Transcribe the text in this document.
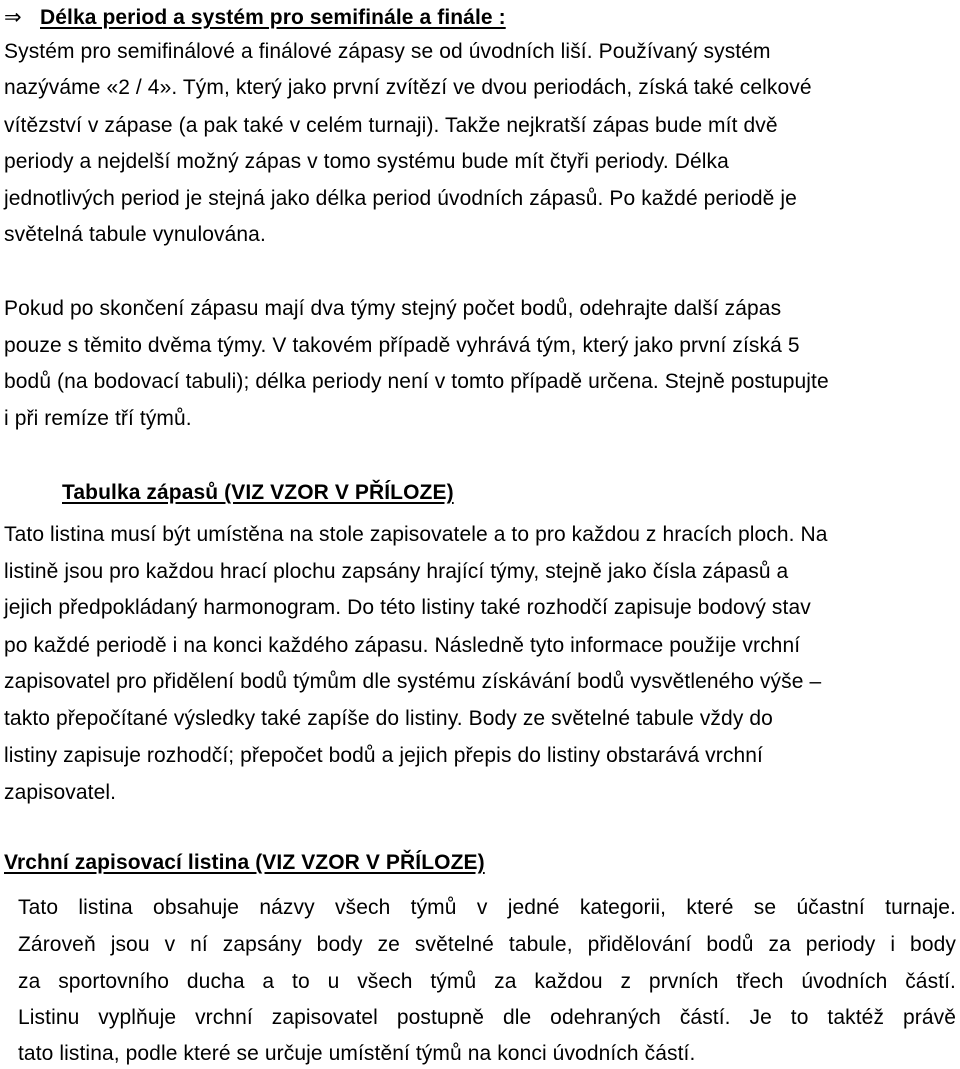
⇒ Délka period a systém pro semifinále a finále :
Systém pro semifinálové a finálové zápasy se od úvodních liší. Používaný systém
nazýváme «2 / 4». Tým, který jako první zvítězí ve dvou periodách, získá také celkové
vítězství v zápase (a pak také v celém turnaji). Takže nejkratší zápas bude mít dvě
periody a nejdelší možný zápas v tomo systému bude mít čtyři periody. Délka
jednotlivých period je stejná jako délka period úvodních zápasů. Po každé periodě je
světelná tabule vynulována.
Pokud po skončení zápasu mají dva týmy stejný počet bodů, odehrajte další zápas
pouze s těmito dvěma týmy. V takovém případě vyhrává tým, který jako první získá 5
bodů (na bodovací tabuli); délka periody není v tomto případě určena. Stejně postupujte
i při remíze tří týmů.
Tabulka zápasů (VIZ VZOR V PŘÍLOZE)
Tato listina musí být umístěna na stole zapisovatele a to pro každou z hracích ploch. Na
listině jsou pro každou hrací plochu zapsány hrající týmy, stejně jako čísla zápasů a
jejich předpokládaný harmonogram. Do této listiny také rozhodčí zapisuje bodový stav
po každé periodě i na konci každého zápasu. Následně tyto informace použije vrchní
zapisovatel pro přidělení bodů týmům dle systému získávání bodů vysvětleného výše –
takto přepočítané výsledky také zapíše do listiny. Body ze světelné tabule vždy do
listiny zapisuje rozhodčí; přepočet bodů a jejich přepis do listiny obstarává vrchní
zapisovatel.
Vrchní zapisovací listina (VIZ VZOR V PŘÍLOZE)
Tato listina obsahuje názvy všech týmů v jedné kategorii, které se účastní turnaje.
Zároveň jsou v ní zapsány body ze světelné tabule, přidělování bodů za periody i body
za sportovního ducha a to u všech týmů za každou z prvních třech úvodních částí.
Listinu vyplňuje vrchní zapisovatel postupně dle odehraných částí. Je to taktéž právě
tato listina, podle které se určuje umístění týmů na konci úvodních částí.
